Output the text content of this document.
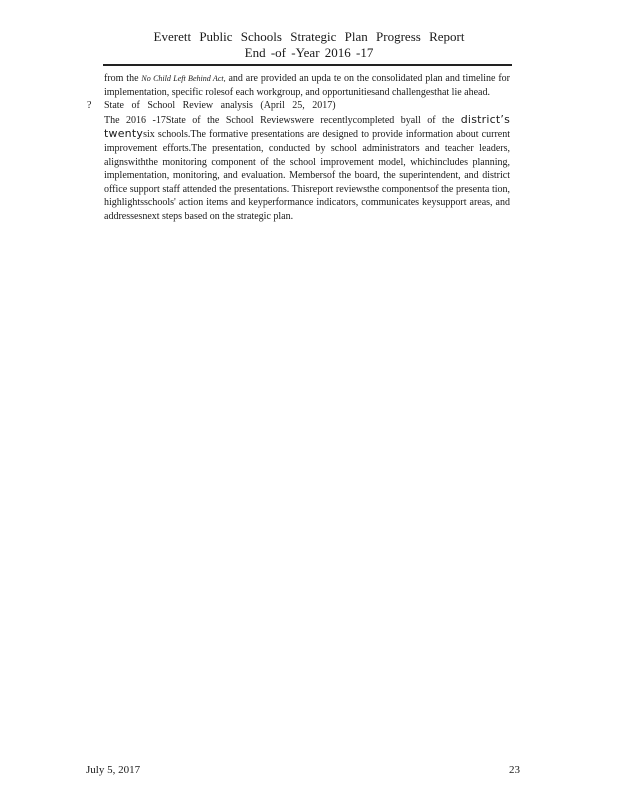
Everett Public Schools Strategic Plan Progress Report
End -of -Year 2016 -17

from the No Child Left Behind Act, and are provided an upda te on the consolidated plan and timeline for implementation, specific rolesof each workgroup, and opportunitiesand challengesthat lie ahead.

? State of School Review analysis (April 25, 2017)

The 2016 -17State of the School Reviewswere recentlycompleted byall of the district’s twentysix schools.The formative presentations are designed to provide information about current improvement efforts.The presentation, conducted by school administrators and teacher leaders, alignswiththe monitoring component of the school improvement model, whichincludes planning, implementation, monitoring, and evaluation. Membersof the board, the superintendent, and district office support staff attended the presentations. Thisreport reviewsthe componentsof the presenta tion, highlightsschools' action items and keyperformance indicators, communicates keysupport areas, and addressesnext steps based on the strategic plan.

July 5, 2017	23
